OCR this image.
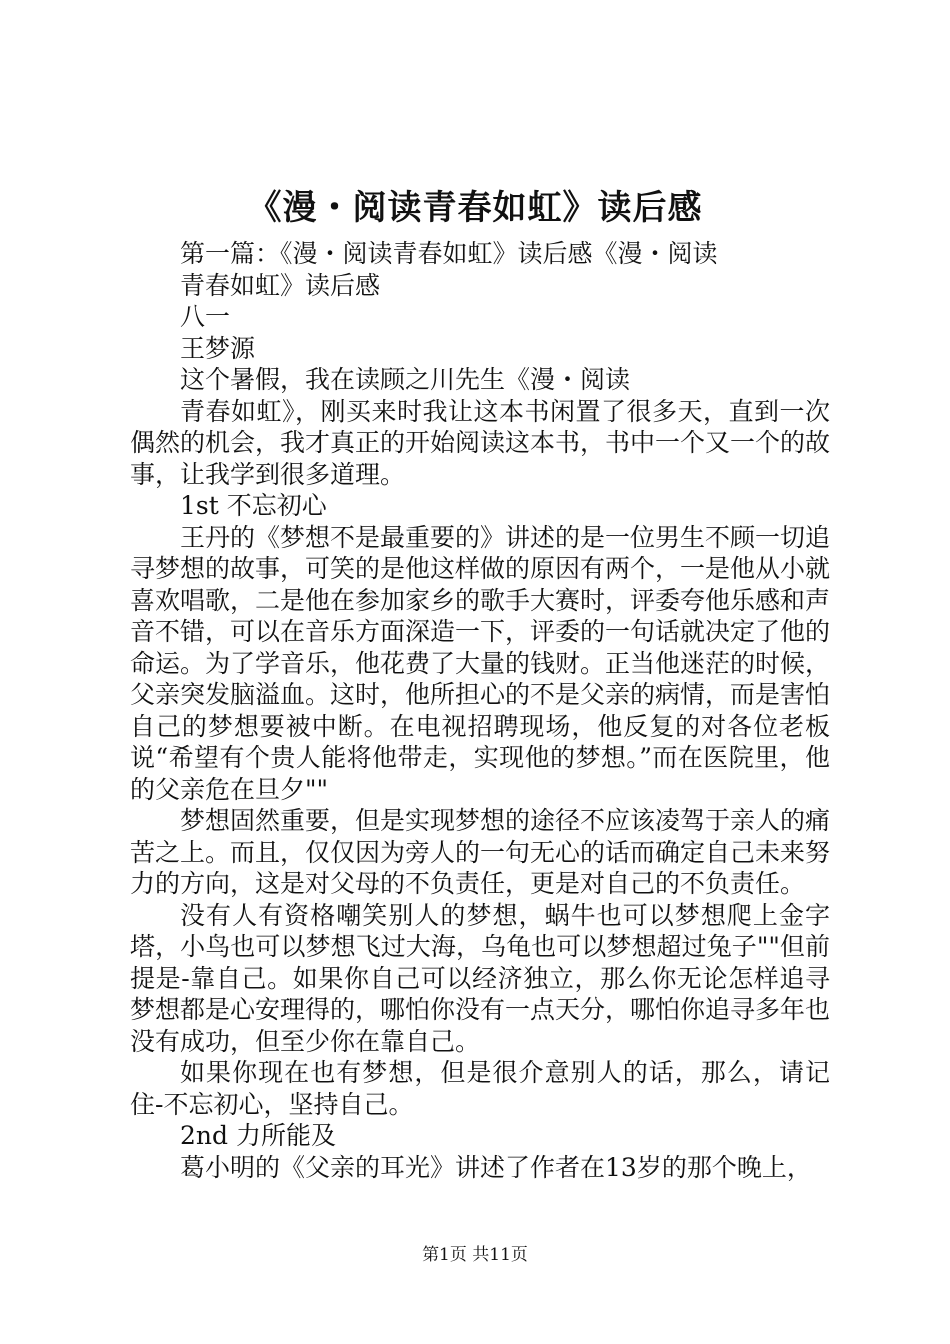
《漫・阅读青春如虹》读后感

第一篇：《漫・阅读青春如虹》读后感《漫・阅读

青春如虹》读后感

八一

王梦源

这个暑假，我在读顾之川先生《漫・阅读

青春如虹》，刚买来时我让这本书闲置了很多天，直到一次偶然的机会，我才真正的开始阅读这本书，书中一个又一个的故事，让我学到很多道理。

1st 不忘初心

王丹的《梦想不是最重要的》讲述的是一位男生不顾一切追寻梦想的故事，可笑的是他这样做的原因有两个，一是他从小就喜欢唱歌，二是他在参加家乡的歌手大赛时，评委夸他乐感和声音不错，可以在音乐方面深造一下，评委的一句话就决定了他的命运。为了学音乐，他花费了大量的钱财。正当他迷茫的时候，父亲突发脑溢血。这时，他所担心的不是父亲的病情，而是害怕自己的梦想要被中断。在电视招聘现场，他反复的对各位老板说“希望有个贵人能将他带走，实现他的梦想。”而在医院里，他的父亲危在旦夕""

梦想固然重要，但是实现梦想的途径不应该凌驾于亲人的痛苦之上。而且，仅仅因为旁人的一句无心的话而确定自己未来努力的方向，这是对父母的不负责任，更是对自己的不负责任。

没有人有资格嘲笑别人的梦想，蜗牛也可以梦想爬上金字塔，小鸟也可以梦想飞过大海，乌龟也可以梦想超过兔子""但前提是-靠自己。如果你自己可以经济独立，那么你无论怎样追寻梦想都是心安理得的，哪怕你没有一点天分，哪怕你追寻多年也没有成功，但至少你在靠自己。

如果你现在也有梦想，但是很介意别人的话，那么，请记住-不忘初心，坚持自己。

2nd 力所能及

葛小明的《父亲的耳光》讲述了作者在13岁的那个晚上，

第1页 共11页
